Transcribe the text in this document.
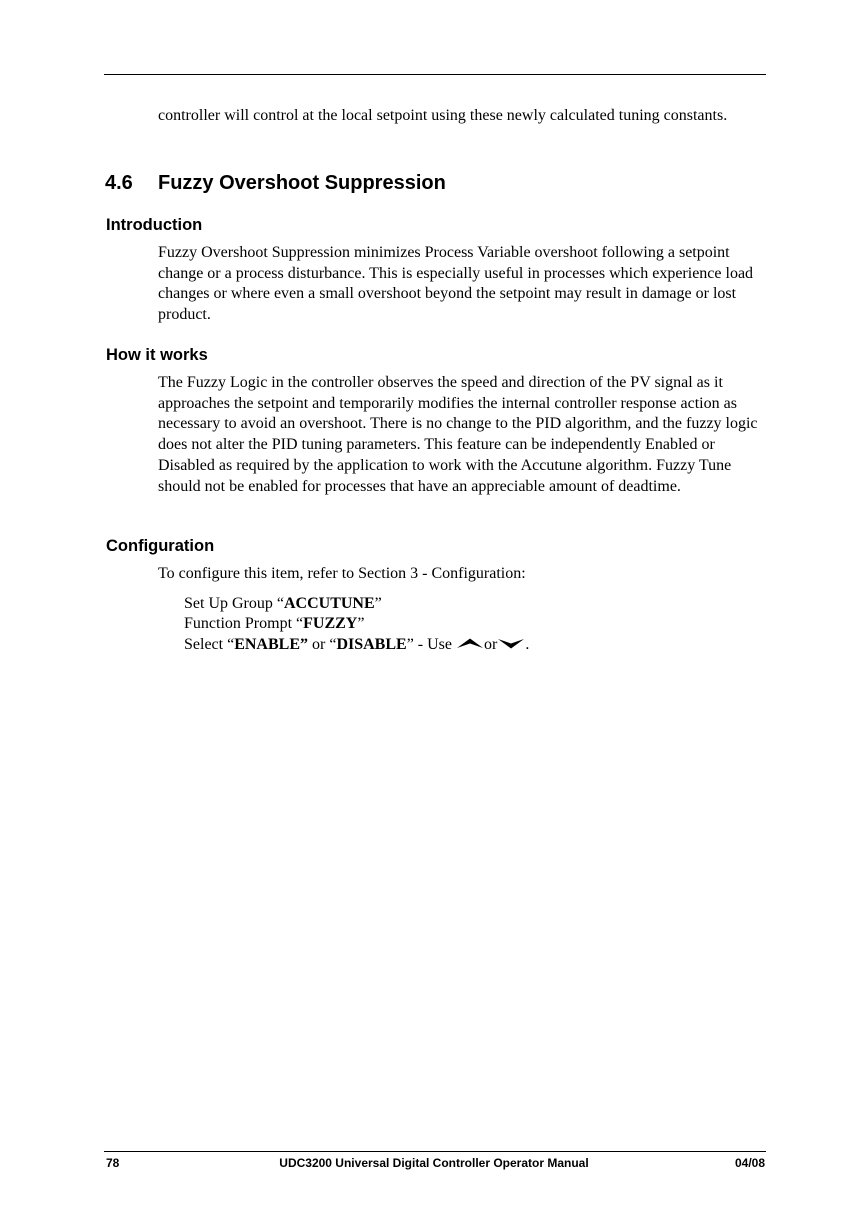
controller will control at the local setpoint using these newly calculated tuning constants.

4.6 Fuzzy Overshoot Suppression
Introduction

Fuzzy Overshoot Suppression minimizes Process Variable overshoot following a setpoint change or a process disturbance. This is especially useful in processes which experience load changes or where even a small overshoot beyond the setpoint may result in damage or lost product.

How it works

The Fuzzy Logic in the controller observes the speed and direction of the PV signal as it approaches the setpoint and temporarily modifies the internal controller response action as necessary to avoid an overshoot. There is no change to the PID algorithm, and the fuzzy logic does not alter the PID tuning parameters. This feature can be independently Enabled or Disabled as required by the application to work with the Accutune algorithm. Fuzzy Tune should not be enabled for processes that have an appreciable amount of deadtime.

Configuration

To configure this item, refer to Section 3 - Configuration:

Set Up Group “ACCUTUNE”
Function Prompt “FUZZY”
Select “ENABLE” or “DISABLE” - Use or .
78	UDC3200 Universal Digital Controller Operator Manual	04/08
